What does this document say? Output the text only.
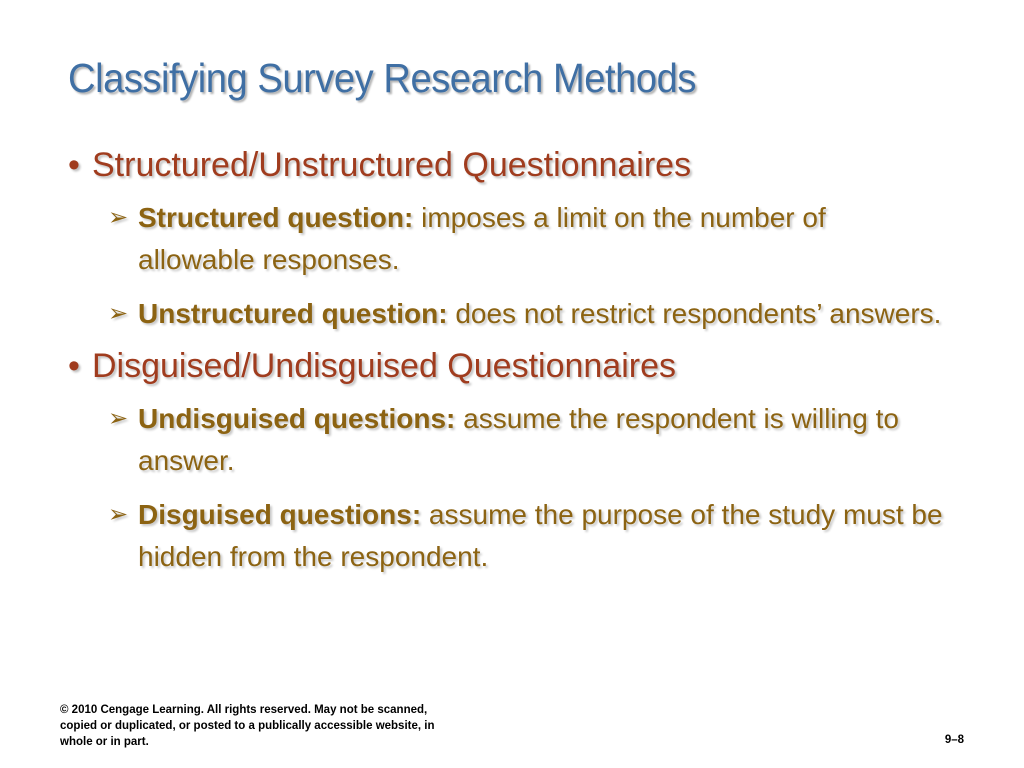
Classifying Survey Research Methods
• Structured/Unstructured Questionnaires
➢ Structured question: imposes a limit on the number of allowable responses.
➢ Unstructured question: does not restrict respondents’ answers.
• Disguised/Undisguised Questionnaires
➢ Undisguised questions: assume the respondent is willing to answer.
➢ Disguised questions: assume the purpose of the study must be hidden from the respondent.
© 2010 Cengage Learning. All rights reserved. May not be scanned,
copied or duplicated, or posted to a publically accessible website, in
whole or in part.	9–8
